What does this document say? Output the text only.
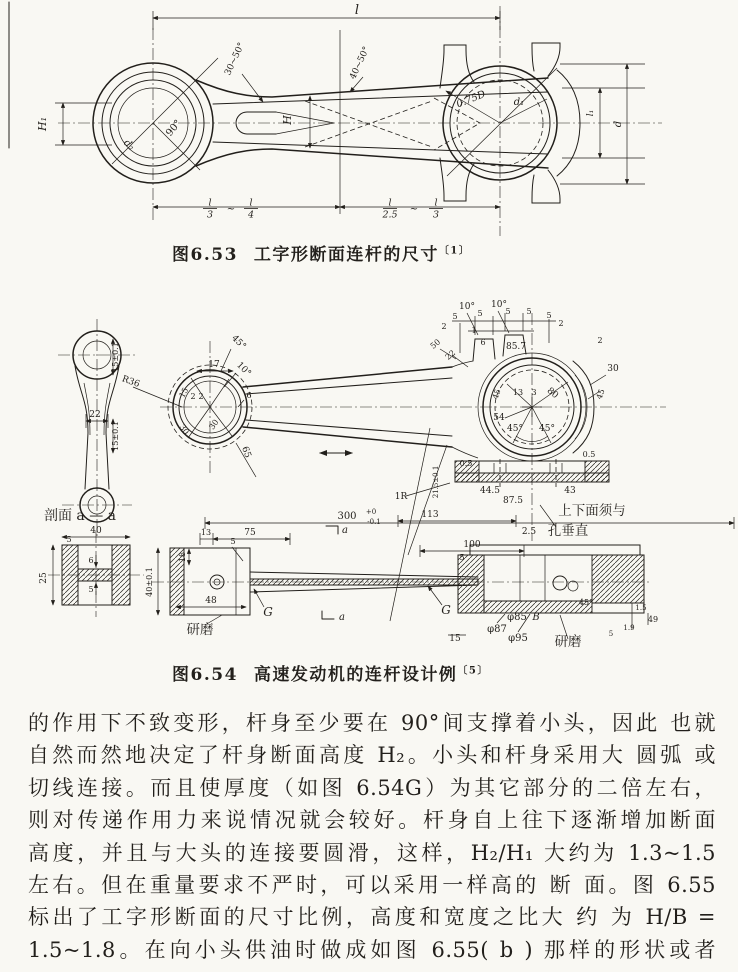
l
30~50°	40~50°
H₁	H
d₂
90°
0.75D	d₁
l
3 ~
l
4
l
2.5 ~
l
3
l₁
d
图6.53 工字形断面连杆的尺寸$^{〔1〕}$
22
15±0.1
15±0.1
R36
17
45°
10°
2 2
15
30 30
65
6
10° 10°
5 5	5 5 5
2	2
1
6 85.7
22
50	2
30
45
13 3 80
45
54
45° 45°
0.5
0.5
44.5	43
87.5
21.5±0.1
1R
113
2.5
上下面须与
孔垂直
剖面 a — a
40
5
25
6
5	40±0.1
300 +0
-0.1
13	75
5
18
48
研磨
G	G
a
a
100
5
φ85 B
φ87
φ95
15	研磨
45°
1.5
49
1.9
5
图6.54 高速发动机的连杆设计例$^{〔5〕}$
的作用下不致变形，杆身至少要在 90°间支撑着小头，因此 也就
自然而然地决定了杆身断面高度 H₂。小头和杆身采用大 圆弧 或
切线连接。而且使厚度（如图 6.54G）为其它部分的二倍左右，
则对传递作用力来说情况就会较好。杆身自上往下逐渐增加断面
高度，并且与大头的连接要圆滑，这样，H₂/H₁ 大约为 1.3~1.5
左右。但在重量要求不严时，可以采用一样高的 断 面。图 6.55
标出了工字形断面的尺寸比例，高度和宽度之比大 约 为 H/B =
1.5~1.8。在向小头供油时做成如图 6.55( b ) 那样的形状或者
